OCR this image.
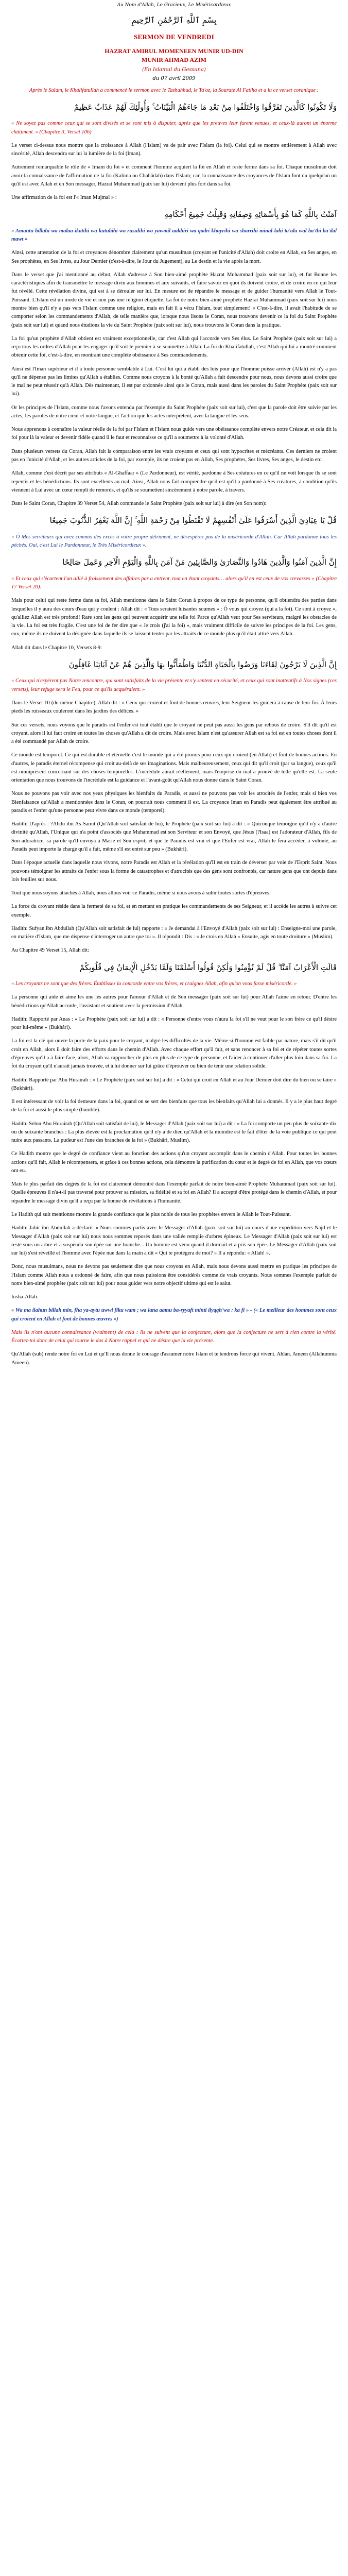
Au Nom d'Allah, Le Gracieux, Le Miséricordieux
بِسْمِ ٱللَّهِ ٱلرَّحْمَٰنِ ٱلرَّحِيمِ
SERMON DE VENDREDI
HAZRAT AMIRUL MOMENEEN MUNIR UD-DIN
MUNIR AHMAD AZIM
(En Islamul du Gessana)
du 07 avril 2009

Après le Salam, le Khalifatullah a commencé le sermon avec le Tashahhud, le Ta'oz, la Sourate Al Fatiha et a lu ce verset coranique :

وَلَا تَكُونُوا كَالَّذِينَ تَفَرَّقُوا وَاخْتَلَفُوا مِنْ بَعْدِ مَا جَاءَهُمُ الْبَيِّنَاتُ ۚ وَأُولَٰئِكَ لَهُمْ عَذَابٌ عَظِيمٌ

« Ne soyez pas comme ceux qui se sont divisés et se sont mis à disputer, après que les preuves leur furent venues, et ceux-là auront un énorme châtiment. » (Chapitre 3, Verset 106)

Le verset ci-dessus nous montre que la croissance à Allah (l'Islam) va de pair avec l'Islam (la foi). Celui qui se montre entièrement à Allah avec sincérité, Allah descendra sur lui la lumière de la foi (Iman).

Autrement remarquable le rôle de « Imam du foi » et comment l'homme acquiert la foi en Allah et reste ferme dans sa foi. Chaque musulman doit avoir la connaissance de l'affirmation de la foi (Kalima ou Chahâdah) dans l'Islam; car, la connaissance des croyances de l'Islam font du quelqu'un un qu'il est avec Allah et en Son messager, Hazrat Muhammad (paix sur lui) devient plus fort dans sa foi.

Une affirmation de la foi est l'« Iman Mujmal » :

آمَنْتُ بِاللَّهِ كَمَا هُوَ بِأَسْمَائِهِ وَصِفَاتِهِ وَقَبِلْتُ جَمِيعَ أَحْكَامِهِ

« Amantu billahi wa malaa-ikatihi wa kutubihi wa rusulihi wa yawmil aakhiri wa qadri khayrihi wa sharrihi minal-lahi ta'ala wal ba'thi ba'dal mawt »

Ainsi, cette attestation de la foi et croyances dénombre clairement qu'un musulman (croyant en l'unicité d'Allah) doit croire en Allah, en Ses anges, en Ses prophètes, en Ses livres, au Jour Dernier (c'est-à-dire, le Jour du Jugement), au Le destin et la vie après la mort.

Dans le verset que j'ai mentionné au début, Allah s'adresse à Son bien-aimé prophète Hazrat Muhammad (paix soit sur lui), et fut Bonne les caractéristiques afin de transmettre le message divin aux hommes et aux suivants, et faire savoir en quoi ils doivent croire, et de croire en ce qui leur fut révélé. Cette révélation divine, qui est à se dérouler sur lui. En mesure est de répandre le message et de guider l'humanité vers Allah le Tout-Puissant. L'Islam est un mode de vie et non pas une religion étiquette. La foi de notre bien-aimé prophète Hazrat Muhammad (paix soit sur lui) nous montre bien qu'il n'y a pas vers l'Islam comme une religion, mais en fait il a vécu l'Islam, tout simplement! « C'est-à-dire, il avait l'habitude de se comporter selon les commandements d'Allah, de telle manière que, lorsque nous lisons le Coran, nous trouvons devenir ce la foi du Saint Prophète (paix soit sur lui) et quand nous étudions la vie du Saint Prophète (paix soit sur lui), nous trouvons le Coran dans la pratique.

La foi qu'un prophète d'Allah obtient est vraiment exceptionnelle, car c'est Allah qui l'accorde vers Ses élus. Le Saint Prophète (paix soit sur lui) a reçu tous les ordres d'Allah pour les engager qu'il soit le premier à se soumettre à Allah. La foi du Khalifatullah, c'est Allah qui lui a montré comment obtenir cette foi, c'est-à-dire, en montrant une complète obéissance à Ses commandements.

Ainsi est l'Iman supérieur et il a toute personne semblable à Lui. C'est lui qui a établi des lois pour que l'homme puisse arriver (Allah) est n'y a pas qu'il ne dépense pas les limites qu'Allah a établies. Comme nous croyons à la bonté qu'Allah a fait descendre pour nous, nous devons aussi croire que le mal ne peut réussir qu'à Allah. Dès maintenant, il est par ordonnée ainsi que le Coran, mais aussi dans les paroles du Saint Prophète (paix soit sur lui).

Or les principes de l'Islam, comme nous l'avons entendu par l'exemple du Saint Prophète (paix soit sur lui), c'est que la parole doit être suivie par les actes; les paroles de notre cœur et notre langue, et l'action que les actes interprètent, avec la langue et les sens.

Nous apprenons à connaître la valeur réelle de la foi par l'Islam et l'Islam nous guide vers une obéissance complète envers notre Créateur, et cela dit la foi pour là la valeur et devenir fidèle quand il le faut et reconnaisse ce qu'il a soumettre à la volonté d'Allah.

Dans plusieurs versets du Coran, Allah fait la comparaison entre les vrais croyants et ceux qui sont hypocrites et mécréants. Ces derniers ne croient pas en l'unicité d'Allah, et les autres articles de la foi, par exemple, ils ne croient pas en Allah, Ses prophètes, Ses livres, Ses anges, le destin etc.

Allah, comme c'est décrit par ses attributs « Al-Ghaffaar » (Le Pardonneur), est vérité, pardonne à Ses créatures en ce qu'il ne voit lorsque ils se sont repentis et les bénédictions. Ils sont excellents au mal. Ainsi, Allah nous fait comprendre qu'il est qu'il a pardonné à Ses créatures, à condition qu'ils viennent à Lui avec un cœur rempli de remords, et qu'ils se soumettent sincèrement à notre parole, à travers.

Dans le Saint Coran, Chapitre 39 Verset 54, Allah commande le Saint Prophète (paix soit sur lui) à dire (en Son nom):

قُلْ يَا عِبَادِيَ الَّذِينَ أَسْرَفُوا عَلَىٰ أَنْفُسِهِمْ لَا تَقْنَطُوا مِنْ رَحْمَةِ اللَّهِ ۚ إِنَّ اللَّهَ يَغْفِرُ الذُّنُوبَ جَمِيعًا

« Ô Mes serviteurs qui avez commis des excès à votre propre détriment, ne désespérez pas de la miséricorde d'Allah. Car Allah pardonne tous les péchés. Oui, c'est Lui le Pardonneur, le Très Miséricordieux ».

إِنَّ الَّذِينَ آمَنُوا وَالَّذِينَ هَادُوا وَالنَّصَارَىٰ وَالصَّابِئِينَ مَنْ آمَنَ بِاللَّهِ وَالْيَوْمِ الْآخِرِ وَعَمِلَ صَالِحًا

« Et ceux qui s'écartent l'un allié à froissement des affaires par a entrent, tout en étant croyants… alors qu'il en est ceux de vos crevasses » (Chapitre 17 Verset 20).

Mais pour celui qui reste ferme dans sa foi, Allah mentionne dans le Saint Coran à propos de ce type de personne, qu'il obtiendra des parties dans lesquelles il y aura des cours d'eau qui y coulent : Allah dit : « Tous seraient luisantes soumes » : Ô vous qui croyez (qui a la foi). Ce sont à croyez », qu'alliez Allah est très profond! Rare sont les gens qui peuvent acquérir une telle foi Parce qu'Allah veut pour Ses serviteurs, malgré les obstacles de la vie. La foi est très fragile. C'est une foi de fer dire que « Je crois (j'ai la foi) », mais vraiment difficile de suivre les principes de la foi. Les gens, eux, même ils ne doivent la désignée dans laquelle ils se laissent tenter par les attraits de ce monde plus qu'il était attiré vers Allah.

Allah dit dans le Chapitre 10, Versets 8-9:

إِنَّ الَّذِينَ لَا يَرْجُونَ لِقَاءَنَا وَرَضُوا بِالْحَيَاةِ الدُّنْيَا وَاطْمَأَنُّوا بِهَا وَالَّذِينَ هُمْ عَنْ آيَاتِنَا غَافِلُونَ

« Ceux qui n'espèrent pas Notre rencontre, qui sont satisfaits de la vie présente et s'y sentent en sécurité, et ceux qui sont inattentifs à Nos signes (ces versets), leur refuge sera le Feu, pour ce qu'ils acquéraient. »

Dans le Verset 10 (du même Chapitre), Allah dit : « Ceux qui croient et font de bonnes œuvres, leur Seigneur les guidera à cause de leur foi. À leurs pieds les ruisseaux couleront dans les jardins des délices. »

Sur ces versets, nous voyons que le paradis est l'enfer est tout établi que le croyant ne peut pas aussi les gens par rebous de croire. S'il dit qu'il est croyant, alors il lui faut croire en toutes les choses qu'Allah a dit de croire. Mais avec Islam n'est qu'assurer Allah est sa foi est en toutes choses dont il a été commandé par Allah de croire.

Ce monde est temporel. Ce qui est durable et éternelle c'est le monde qui a été promis pour ceux qui croient (en Allah) et font de bonnes actions. En d'autres, le paradis éternel récompense qui croit au-delà de ses imaginations. Mais malheureusement, ceux qui dit qu'il croit (par sa langue), ceux qu'il est omniprésent concernant sur des choses temporelles. L'incrédule aurait réellement, mais l'emprise du mal a prouvé de telle qu'elle est. La seule orientation que nous trouvons de l'incrédule est la guidance et l'avant-goût qu'Allah nous donne dans le Saint Coran.

Nous ne pouvons pas voir avec nos yeux physiques les bienfaits du Paradis, et aussi ne pouvons pas voir les atrocités de l'enfer, mais si bien vos Bienfaisance qu'Allah a mentionnées dans le Coran, on pourrait nous comment il est. La croyance Iman en Paradis peut également être attribué au paradis et l'enfer qu'une personne peut vivre dans ce monde (temporel).

Hadith: D'après : ?Abdu ibn As-Samit (Qu'Allah soit satisfait de lui), le Prophète (paix soit sur lui) a dit : « Quiconque témoigne qu'il n'y a d'autre divinité qu'Allah, l'Unique qui n'a point d'associés que Muhammad est son Serviteur et son Envoyé, que Jésus (?Isaa) est l'adorateur d'Allah, fils de Son adoratrice, sa parole qu'Il envoya à Marie et Son esprit; et que le Paradis est vrai et que l'Enfer est vrai, Allah le fera accéder, à volonté, au Paradis peut importe la charge qu'il a fait, même s'il est entré sur peu » (Bukhâri).

Dans l'époque actuelle dans laquelle nous vivons, notre Paradis est Allah et la révélation qu'Il est en train de déverser par voie de l'Esprit Saint. Nous pouvons témoigner les attraits de l'enfer sous la forme de catastrophes et d'atrocités que des gens sont confrontés, car nature gens que ont depuis dans lois feuilles sur nous.

Tout que nous soyons attachés à Allah, nous allons voir ce Paradis, même si nous avons à subir toutes sortes d'épreuves.

La force du croyant réside dans la fermeté de sa foi, et en mettant en pratique les commandements de ses Seigneur, et il accède les autres à suivre cet exemple.

Hadith: Sufyan ibn Abdullah (Qu'Allah soit satisfait de lui) rapporte : « Je demandai à l'Envoyé d'Allah (paix soit sur lui) : Enseigne-moi une parole, en matière d'Islam, que me dispense d'interroger un autre que toi ». Il répondit : Dis : « Je crois en Allah » Ensuite, agis en toute droiture » (Muslim).

Au Chapitre 49 Verset 15, Allah dit:

قَالَتِ الْأَعْرَابُ آمَنَّا ۖ قُلْ لَمْ تُؤْمِنُوا وَلَٰكِنْ قُولُوا أَسْلَمْنَا وَلَمَّا يَدْخُلِ الْإِيمَانُ فِي قُلُوبِكُمْ

« Les croyants ne sont que des frères. Établissez la concorde entre vos frères, et craignez Allah, afin qu'on vous fasse miséricorde. »

La personne qui aide et aime les une les autres pour l'amour d'Allah et de Son messager (paix soit sur lui) pour Allah l'aime en retour. D'entre les bénédictions qu'Allah accorde, l'assistant et soutient avec la permission d'Allah.

Hadith: Rapporté par Anas : « Le Prophète (paix soit sur lui) a dit : « Personne d'entre vous n'aura la foi s'il ne veut pour le son frère ce qu'il désire pour lui-même » (Bukhâri).

La foi est la clé qui ouvre la porte de la paix pour le croyant, malgré les difficultés de la vie. Même si l'homme est faible par nature, mais s'il dit qu'il croit en Allah, alors il doit faire des efforts dans le chemin d'Allah. Avec chaque effort qu'il fait, et sans renoncer à sa foi et de répéter toutes sortes d'épreuves qu'il a à faire face, alors, Allah va rapprocher de plus en plus de ce type de personne, et l'aider à continuer d'aller plus loin dans sa foi. La foi du croyant qu'il n'aurait jamais trouvée, et à lui donner sur lui grâce d'éprouver ou bien de tenir une relation solide.

Hadith: Rapporté par Abu Hurairah : « Le Prophète (paix soit sur lui) a dit : « Celui qui croit en Allah et au Jour Dernier doit dire du bien ou se taire » (Bukhâri).

Il est intéressant de voir la foi demeure dans la foi, quand on se sert des bienfaits que tous les bienfaits qu'Allah lui a donnés. Il y a le plus haut degré de la foi et aussi le plus simple (humble).

Hadith: Selon Abu Hurairah (Qu'Allah soit satisfait de lui), le Messager d'Allah (paix soit sur lui) a dit : « La foi comporte un peu plus de soixante-dix ou de soixante branches : La plus élevée est la proclamation qu'il n'y a de dieu qu'Allah et la moindre est le fait d'ôter de la voie publique ce qui peut nuire aux passants. La pudeur est l'une des branches de la foi » (Bukhâri, Muslim).

Ce Hadith montre que le degré de confiance vient au fonction des actions qu'un croyant accomplit dans le chemin d'Allah. Pour toutes les bonnes actions qu'il fait, Allah le récompensera, et grâce à ces bonnes actions, cela démontre la purification du cœur et le degré de foi en Allah, que vos cœurs ont eu.

Mais le plus parfait des degrés de la foi est clairement démontré dans l'exemple parfait de notre bien-aimé Prophète Muhammad (paix soit sur lui). Quelle épreuves il n'a-t-il pas traversé pour prouver sa mission, sa fidélité et sa foi en Allah? Il a accepté d'être protégé dans le chemin d'Allah, et pour répandre le message divin qu'il a reçu par la bonne de révélations à l'humanité.

Le Hadith qui suit mentionne montre la grande confiance que le plus noble de tous les prophètes envers le Allah le Tout-Puissant.

Hadith: Jabir ibn Abdullah a déclaré: « Nous sommes partis avec le Messager d'Allah (paix soit sur lui) au cours d'une expédition vers Najd et le Messager d'Allah (paix soit sur lui) nous nous sommes reposés dans une vallée remplie d'arbres épineux. Le Messager d'Allah (paix soit sur lui) est resté sous un arbre et a suspendu son épée sur une branche... Un homme est venu quand il dormait et a pris son épée. Le Messager d'Allah (paix soit sur lui) s'est réveillé et l'homme avec l'épée nue dans la main a dit « Qui te protégera de moi? » Il a répondu: « Allah! ».

Donc, nous musulmans, nous ne devons pas seulement dire que nous croyons en Allah, mais nous devons aussi mettre en pratique les principes de l'Islam comme Allah nous a ordonné de faire, afin que nous puissions être considérés comme de vrais croyants. Nous sommes l'exemple parfait de notre bien-aimé prophète (paix soit sur lui) pour nous guider vers notre objectif ultime qui est le salut.

Insha-Allah.

« Wa ma ilahun billah min, fha ya-aytu uwwi fiku wam ; wa lana aamu ba-ryyaft minti ilyqqh'wa : ka fi » - (« Le meilleur des hommes sont ceux qui croient en Allah et font de bonnes œuvres »)

Mais ils n'ont aucune connaissance (vraiment) de cela : ils ne suivent que la conjecture, alors que la conjecture ne sert à rien contre la vérité. Écartez-toi donc de celui qui tourne le dos à Notre rappel et qui ne désire que la vie présente.

Qu'Allah (sub) rende notre foi en Lui et qu'Il nous donne le courage d'assumer notre Islam et te tendrons force qui vivent. Ahlan. Ameen (Allahumma Ameen).
